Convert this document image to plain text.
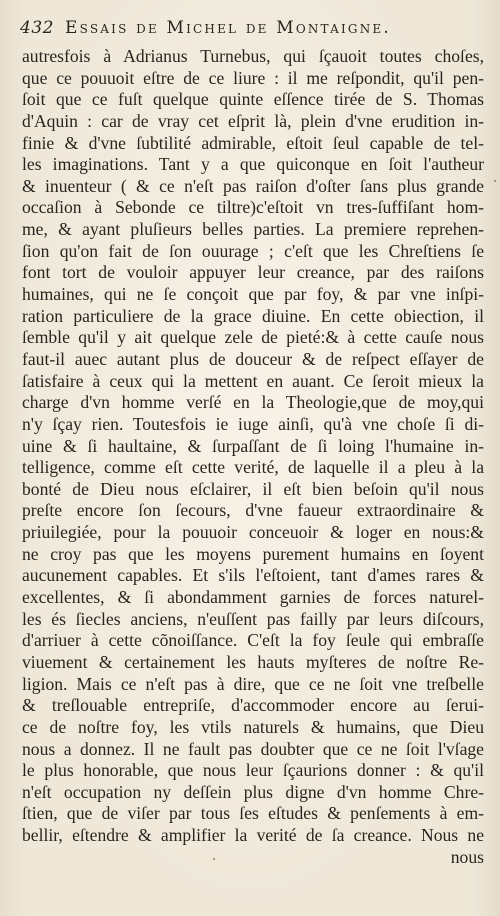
432 Essais de Michel de Montaigne.
autresfois à Adrianus Turnebus, qui ſçauoit toutes choſes,
que ce pouuoit eſtre de ce liure : il me reſpondit, qu'il pen-
ſoit que ce fuſt quelque quinte eſſence tirée de S. Thomas
d'Aquin : car de vray cet eſprit là, plein d'vne erudition in-
finie & d'vne ſubtilité admirable, eſtoit ſeul capable de tel-
les imaginations. Tant y a que quiconque en ſoit l'autheur
& inuenteur ( & ce n'eſt pas raiſon d'oſter ſans plus grande
occaſion à Sebonde ce tiltre)c'eſtoit vn tres-ſuffiſant hom-
me, & ayant pluſieurs belles parties. La premiere reprehen-
ſion qu'on fait de ſon ouurage ; c'eſt que les Chreſtiens ſe
font tort de vouloir appuyer leur creance, par des raiſons
humaines, qui ne ſe conçoit que par foy, & par vne inſpi-
ration particuliere de la grace diuine. En cette obiection, il
ſemble qu'il y ait quelque zele de pieté:& à cette cauſe nous
faut-il auec autant plus de douceur & de reſpect eſſayer de
ſatisfaire à ceux qui la mettent en auant. Ce ſeroit mieux la
charge d'vn homme verſé en la Theologie,que de moy,qui
n'y ſçay rien. Toutesfois ie iuge ainſi, qu'à vne choſe ſi di-
uine & ſi haultaine, & ſurpaſſant de ſi loing l'humaine in-
telligence, comme eſt cette verité, de laquelle il a pleu à la
bonté de Dieu nous eſclairer, il eſt bien beſoin qu'il nous
preſte encore ſon ſecours, d'vne faueur extraordinaire &
priuilegiée, pour la pouuoir conceuoir & loger en nous:&
ne croy pas que les moyens purement humains en ſoyent
aucunement capables. Et s'ils l'eſtoient, tant d'ames rares &
excellentes, & ſi abondamment garnies de forces naturel-
les és ſiecles anciens, n'euſſent pas failly par leurs diſcours,
d'arriuer à cette cõnoiſſance. C'eſt la foy ſeule qui embraſſe
viuement & certainement les hauts myſteres de noſtre Re-
ligion. Mais ce n'eſt pas à dire, que ce ne ſoit vne treſbelle
& treſlouable entrepriſe, d'accommoder encore au ſerui-
ce de noſtre foy, les vtils naturels & humains, que Dieu
nous a donnez. Il ne fault pas doubter que ce ne ſoit l'vſage
le plus honorable, que nous leur ſçaurions donner : & qu'il
n'eſt occupation ny deſſein plus digne d'vn homme Chre-
ſtien, que de viſer par tous ſes eſtudes & penſements à em-
bellir, eſtendre & amplifier la verité de ſa creance. Nous ne
nous
